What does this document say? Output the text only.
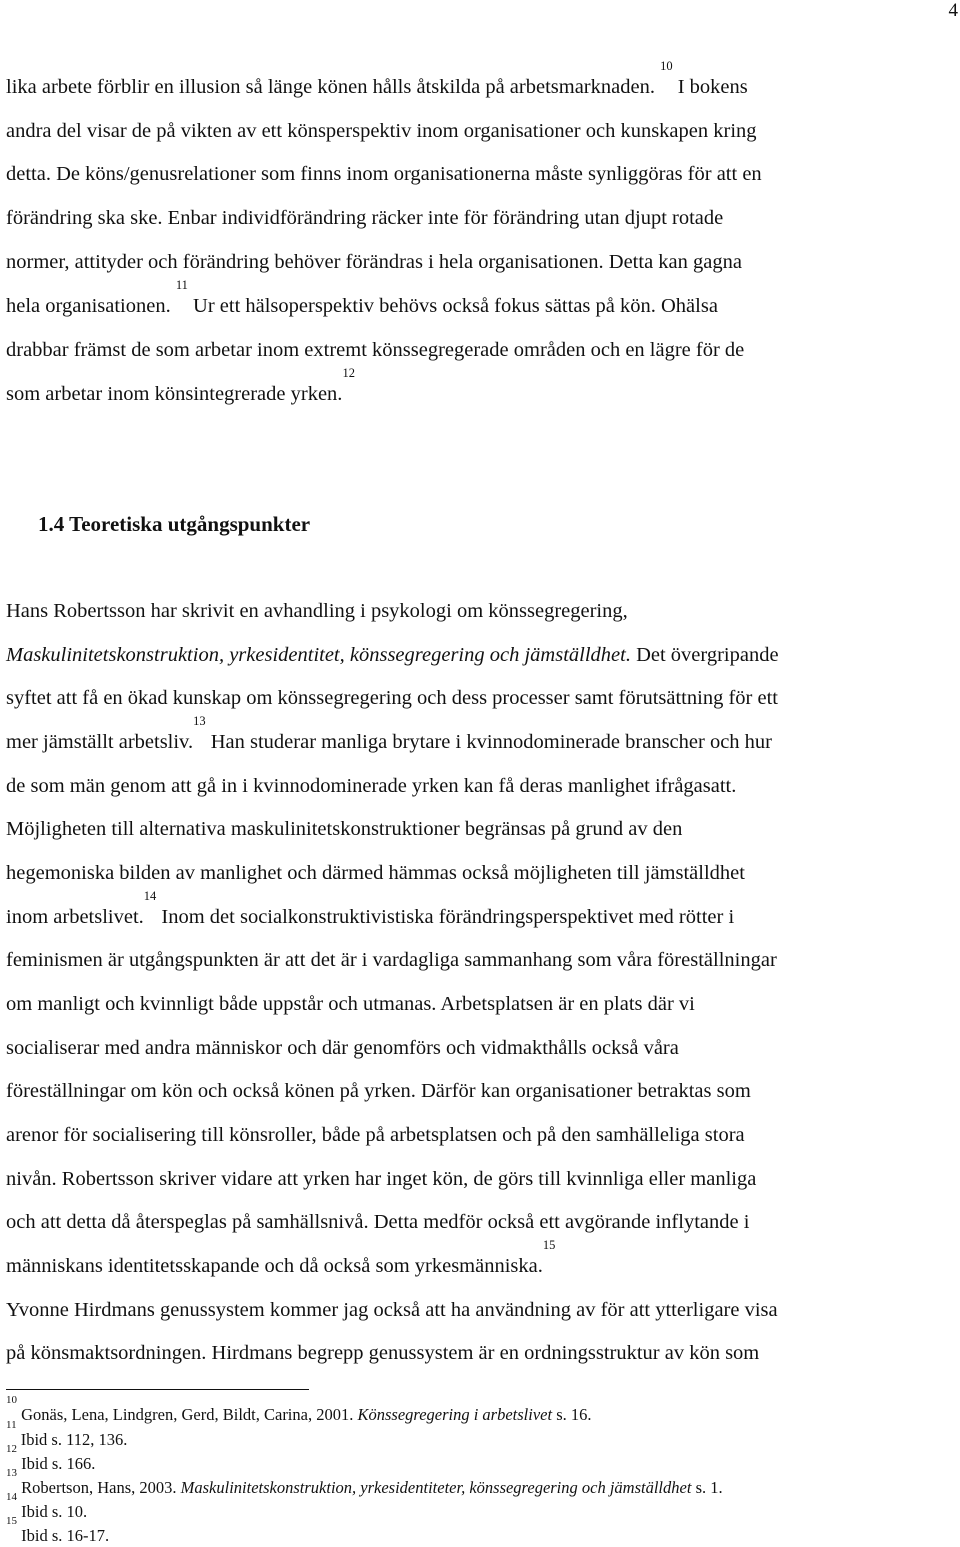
4
lika arbete förblir en illusion så länge könen hålls åtskilda på arbetsmarknaden. $^{10}$ I bokens
andra del visar de på vikten av ett könsperspektiv inom organisationer och kunskapen kring
detta. De köns/genusrelationer som finns inom organisationerna måste synliggöras för att en
förändring ska ske. Enbar individförändring räcker inte för förändring utan djupt rotade
normer, attityder och förändring behöver förändras i hela organisationen. Detta kan gagna
hela organisationen. $^{11}$ Ur ett hälsoperspektiv behövs också fokus sättas på kön. Ohälsa
drabbar främst de som arbetar inom extremt könssegregerade områden och en lägre för de
som arbetar inom könsintegrerade yrken.$^{12}$
1.4 Teoretiska utgångspunkter
Hans Robertsson har skrivit en avhandling i psykologi om könssegregering,
Maskulinitetskonstruktion, yrkesidentitet, könssegregering och jämställdhet. Det övergripande
syftet att få en ökad kunskap om könssegregering och dess processer samt förutsättning för ett
mer jämställt arbetsliv.$^{13}$ Han studerar manliga brytare i kvinnodominerade branscher och hur
de som män genom att gå in i kvinnodominerade yrken kan få deras manlighet ifrågasatt.
Möjligheten till alternativa maskulinitetskonstruktioner begränsas på grund av den
hegemoniska bilden av manlighet och därmed hämmas också möjligheten till jämställdhet
inom arbetslivet.$^{14}$ Inom det socialkonstruktivistiska förändringsperspektivet med rötter i
feminismen är utgångspunkten är att det är i vardagliga sammanhang som våra föreställningar
om manligt och kvinnligt både uppstår och utmanas. Arbetsplatsen är en plats där vi
socialiserar med andra människor och där genomförs och vidmakthålls också våra
föreställningar om kön och också könen på yrken. Därför kan organisationer betraktas som
arenor för socialisering till könsroller, både på arbetsplatsen och på den samhälleliga stora
nivån. Robertsson skriver vidare att yrken har inget kön, de görs till kvinnliga eller manliga
och att detta då återspeglas på samhällsnivå. Detta medför också ett avgörande inflytande i
människans identitetsskapande och då också som yrkesmänniska.$^{15}$
Yvonne Hirdmans genussystem kommer jag också att ha användning av för att ytterligare visa
på könsmaktsordningen. Hirdmans begrepp genussystem är en ordningsstruktur av kön som
$^{10}$ Gonäs, Lena, Lindgren, Gerd, Bildt, Carina, 2001. Könssegregering i arbetslivet s. 16.
$^{11}$ Ibid s. 112, 136.
$^{12}$ Ibid s. 166.
$^{13}$ Robertson, Hans, 2003. Maskulinitetskonstruktion, yrkesidentiteter, könssegregering och jämställdhet s. 1.
$^{14}$ Ibid s. 10.
$^{15}$ Ibid s. 16-17.
